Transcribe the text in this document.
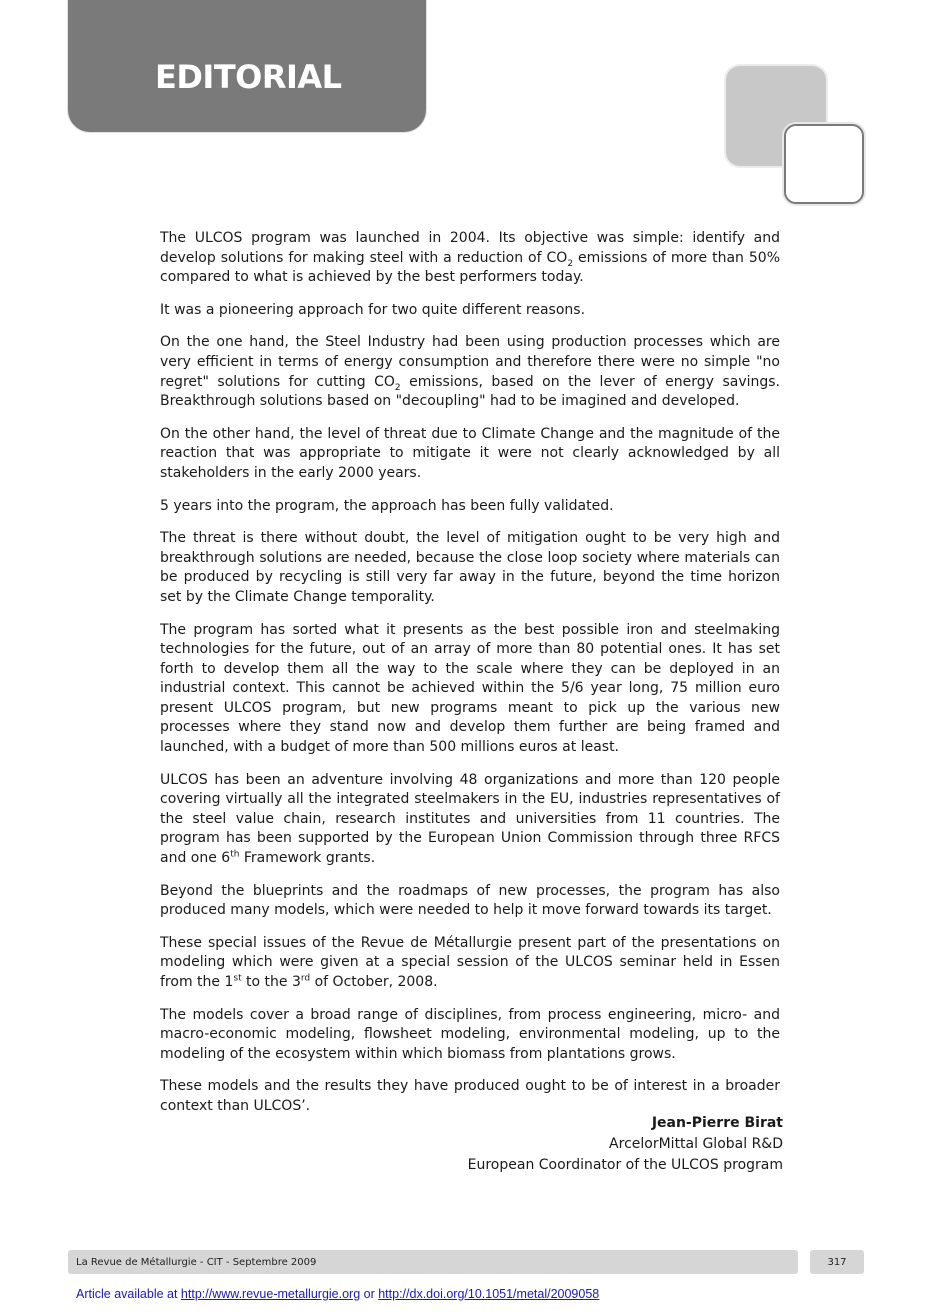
EDITORIAL

The ULCOS program was launched in 2004. Its objective was simple: identify and develop solutions for making steel with a reduction of $CO_2$ emissions of more than 50% compared to what is achieved by the best performers today.

It was a pioneering approach for two quite different reasons.

On the one hand, the Steel Industry had been using production processes which are very efficient in terms of energy consumption and therefore there were no simple "no regret" solutions for cutting $CO_2$ emissions, based on the lever of energy savings. Breakthrough solutions based on "decoupling" had to be imagined and developed.

On the other hand, the level of threat due to Climate Change and the magnitude of the reaction that was appropriate to mitigate it were not clearly acknowledged by all stakeholders in the early 2000 years.

5 years into the program, the approach has been fully validated.

The threat is there without doubt, the level of mitigation ought to be very high and breakthrough solutions are needed, because the close loop society where materials can be produced by recycling is still very far away in the future, beyond the time horizon set by the Climate Change temporality.

The program has sorted what it presents as the best possible iron and steelmaking technologies for the future, out of an array of more than 80 potential ones. It has set forth to develop them all the way to the scale where they can be deployed in an industrial context. This cannot be achieved within the 5/6 year long, 75 million euro present ULCOS program, but new programs meant to pick up the various new processes where they stand now and develop them further are being framed and launched, with a budget of more than 500 millions euros at least.

ULCOS has been an adventure involving 48 organizations and more than 120 people covering virtually all the integrated steelmakers in the EU, industries representatives of the steel value chain, research institutes and universities from 11 countries. The program has been supported by the European Union Commission through three RFCS and one 6th Framework grants.

Beyond the blueprints and the roadmaps of new processes, the program has also produced many models, which were needed to help it move forward towards its target.

These special issues of the Revue de Métallurgie present part of the presentations on modeling which were given at a special session of the ULCOS seminar held in Essen from the 1st to the 3rd of October, 2008.

The models cover a broad range of disciplines, from process engineering, micro- and macro-economic modeling, flowsheet modeling, environmental modeling, up to the modeling of the ecosystem within which biomass from plantations grows.

These models and the results they have produced ought to be of interest in a broader context than ULCOS’.

Jean-Pierre Birat
ArcelorMittal Global R&D
European Coordinator of the ULCOS program
La Revue de Métallurgie - CIT - Septembre 2009	317
Article available at http://www.revue-metallurgie.org or http://dx.doi.org/10.1051/metal/2009058
